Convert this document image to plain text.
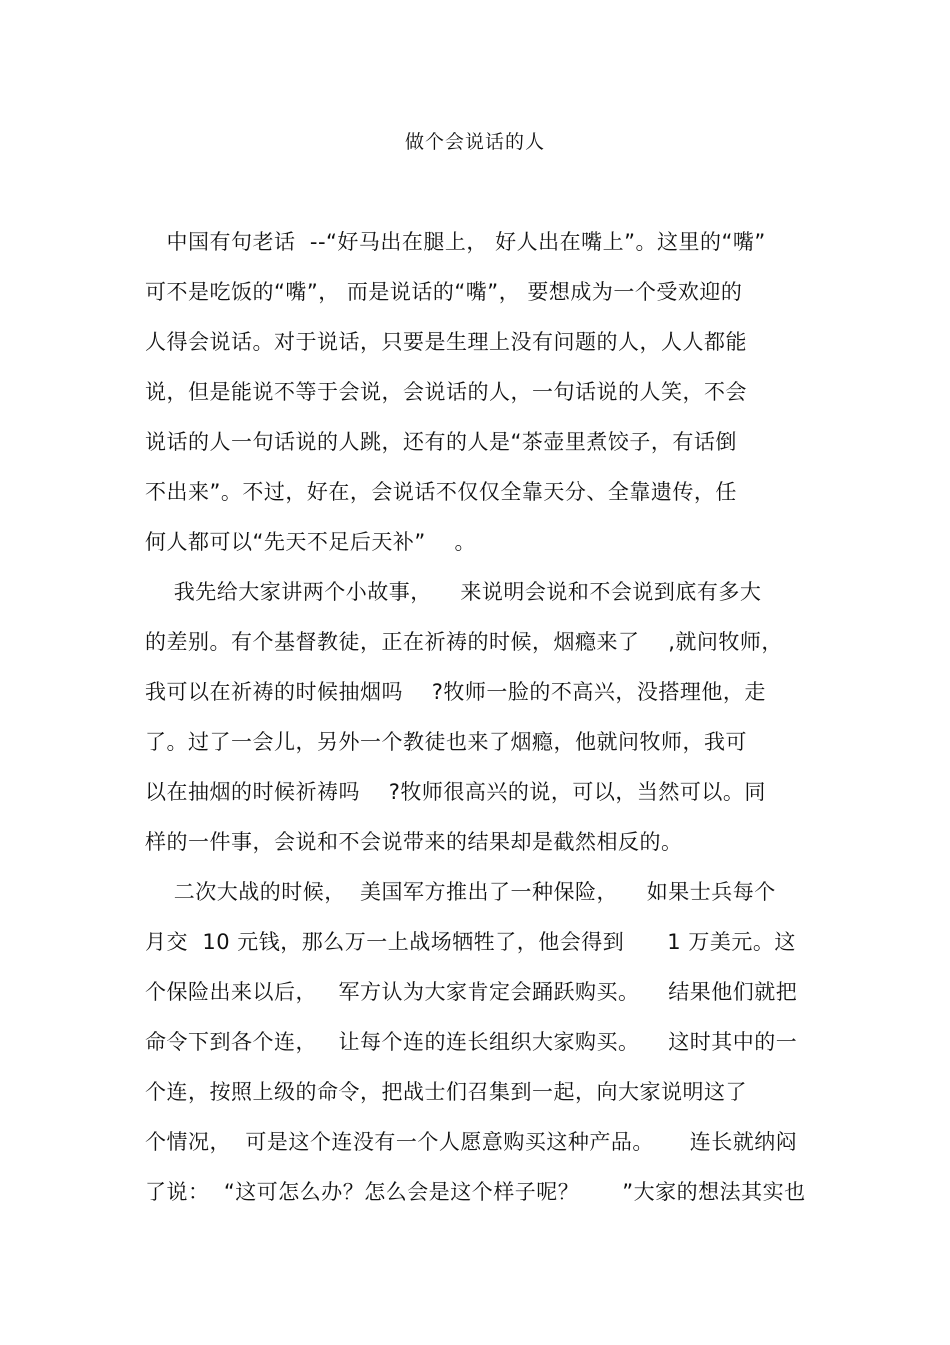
做个会说话的人
中国有句老话  --“好马出在腿上， 好人出在嘴上”。这里的“嘴”
可不是吃饭的“嘴”， 而是说话的“嘴”， 要想成为一个受欢迎的
人得会说话。对于说话，只要是生理上没有问题的人，人人都能
说，但是能说不等于会说，会说话的人，一句话说的人笑，不会
说话的人一句话说的人跳，还有的人是“茶壶里煮饺子，有话倒
不出来”。不过，好在，会说话不仅仅全靠天分、全靠遗传，任
何人都可以“先天不足后天补”    。
我先给大家讲两个小故事，    来说明会说和不会说到底有多大
的差别。有个基督教徒，正在祈祷的时候，烟瘾来了    ,就问牧师，
我可以在祈祷的时候抽烟吗    ?牧师一脸的不高兴，没搭理他，走
了。过了一会儿，另外一个教徒也来了烟瘾，他就问牧师，我可
以在抽烟的时候祈祷吗    ?牧师很高兴的说，可以，当然可以。同
样的一件事，会说和不会说带来的结果却是截然相反的。
二次大战的时候，  美国军方推出了一种保险，    如果士兵每个
月交  10 元钱，那么万一上战场牺牲了，他会得到      1 万美元。这
个保险出来以后，   军方认为大家肯定会踊跃购买。    结果他们就把
命令下到各个连，   让每个连的连长组织大家购买。    这时其中的一
个连，按照上级的命令，把战士们召集到一起，向大家说明这了
个情况，  可是这个连没有一个人愿意购买这种产品。     连长就纳闷
了说：  “这可怎么办？怎么会是这个样子呢？      ”大家的想法其实也
